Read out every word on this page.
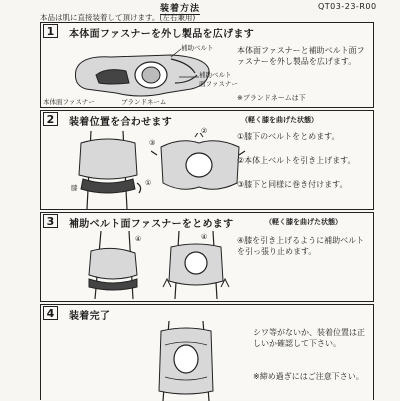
装着方法	QT03-23-R00
本品は肌に直接装着して頂けます。(左右兼用)
1	本体面ファスナーを外し製品を広げます
補助ベルト
補助ベルト
面ファスナー
本体面ファスナー	ブランドネーム
本体面ファスナーと補助ベルト面ファスナーを外し製品を広げます。
※ブランドネームは下
2	装着位置を合わせます	（軽く膝を曲げた状態）
膝
①
②
③
①膝下のベルトをとめます。
②本体上ベルトを引き上げます。
③膝下と同様に巻き付けます。
3	補助ベルト面ファスナーをとめます	（軽く膝を曲げた状態）
④	④	④膝を引き上げるように補助ベルトを引っ張り止めます。
4	装着完了
シワ等がないか、装着位置は正しいか確認して下さい。
※締め過ぎにはご注意下さい。
